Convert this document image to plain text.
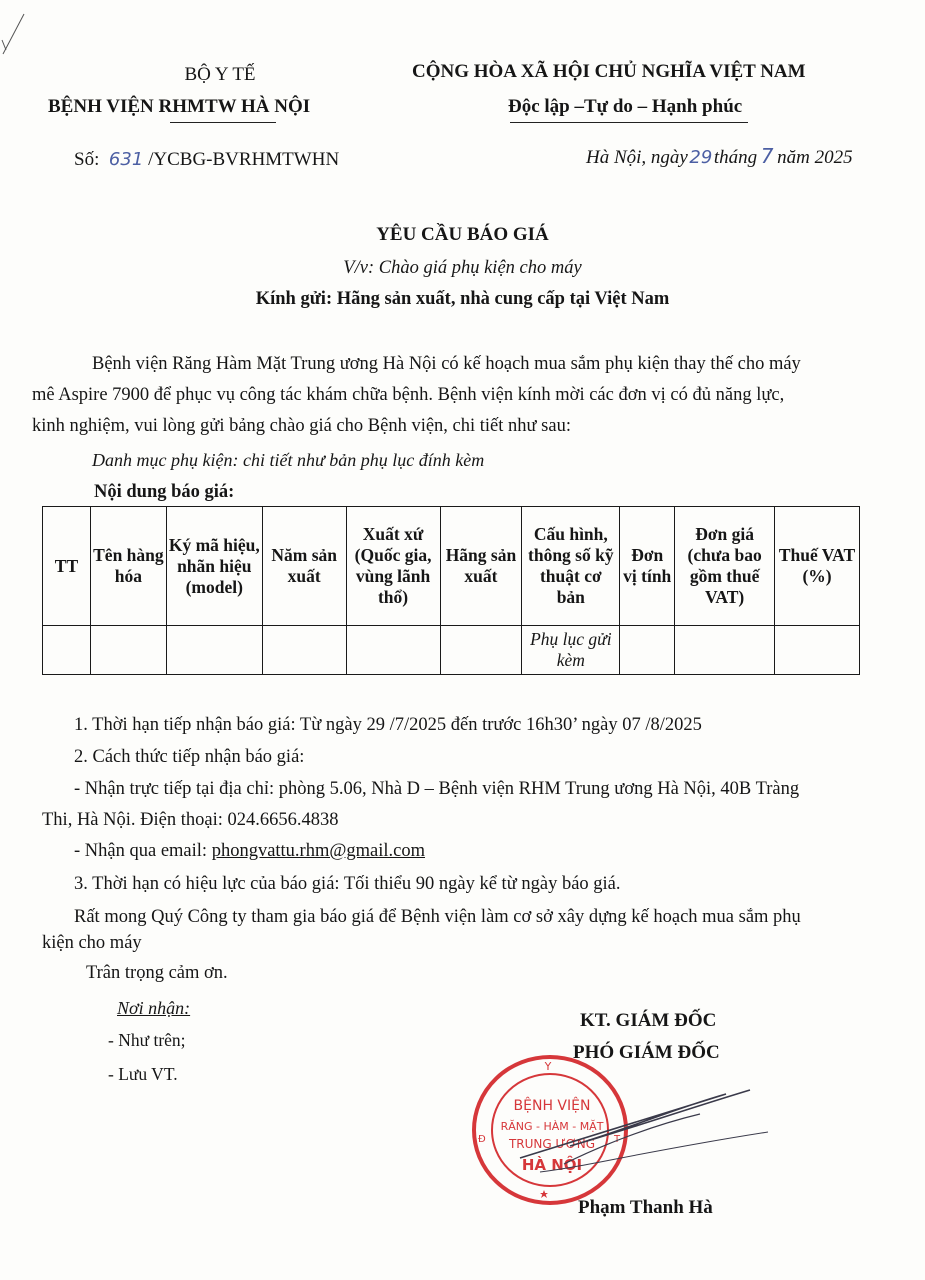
BỘ Y TẾ
BỆNH VIỆN RHMTW HÀ NỘI
Số: 631 /YCBG-BVRHMTWHN
CỘNG HÒA XÃ HỘI CHỦ NGHĨA VIỆT NAM
Độc lập –Tự do – Hạnh phúc
Hà Nội, ngày29tháng 7 năm 2025
YÊU CẦU BÁO GIÁ
V/v: Chào giá phụ kiện cho máy
Kính gửi: Hãng sản xuất, nhà cung cấp tại Việt Nam
Bệnh viện Răng Hàm Mặt Trung ương Hà Nội có kế hoạch mua sắm phụ kiện thay thế cho máy
mê Aspire 7900 để phục vụ công tác khám chữa bệnh. Bệnh viện kính mời các đơn vị có đủ năng lực,
kinh nghiệm, vui lòng gửi bảng chào giá cho Bệnh viện, chi tiết như sau:
Danh mục phụ kiện: chi tiết như bản phụ lục đính kèm
Nội dung báo giá:
TT	Tên hàng hóa	Ký mã hiệu, nhãn hiệu (model)	Năm sản xuất	Xuất xứ (Quốc gia, vùng lãnh thổ)	Hãng sản xuất	Cấu hình, thông số kỹ thuật cơ bản	Đơn vị tính	Đơn giá (chưa bao gồm thuế VAT)	Thuế VAT (%)
						Phụ lục gửi kèm			
1. Thời hạn tiếp nhận báo giá: Từ ngày 29 /7/2025 đến trước 16h30’ ngày 07 /8/2025
2. Cách thức tiếp nhận báo giá:
- Nhận trực tiếp tại địa chỉ: phòng 5.06, Nhà D – Bệnh viện RHM Trung ương Hà Nội, 40B Tràng
Thi, Hà Nội. Điện thoại: 024.6656.4838
- Nhận qua email: phongvattu.rhm@gmail.com
3. Thời hạn có hiệu lực của báo giá: Tối thiểu 90 ngày kể từ ngày báo giá.
Rất mong Quý Công ty tham gia báo giá để Bệnh viện làm cơ sở xây dựng kế hoạch mua sắm phụ
kiện cho máy
Trân trọng cảm ơn.
Nơi nhận:
- Như trên;
- Lưu VT.
KT. GIÁM ĐỐC
PHÓ GIÁM ĐỐC
Y
Đ	T
BỆNH VIỆN
RĂNG - HÀM - MẶT
TRUNG ƯƠNG
HÀ NỘI
Phạm Thanh Hà
